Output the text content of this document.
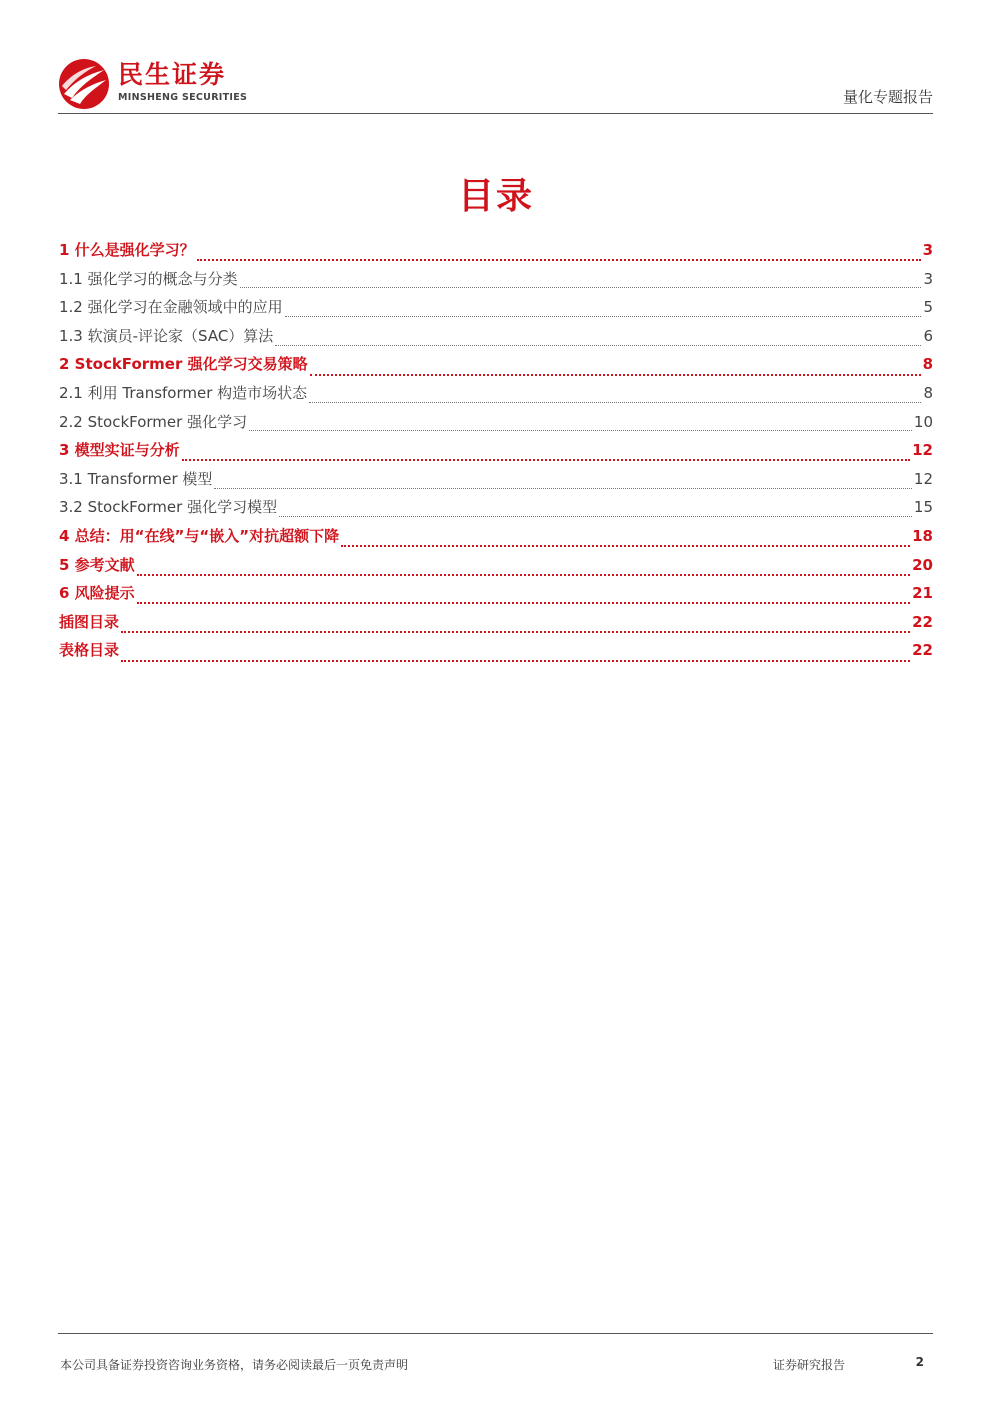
民生证券
MINSHENG SECURITIES	量化专题报告
目录
1 什么是强化学习？	3
1.1 强化学习的概念与分类	3
1.2 强化学习在金融领域中的应用	5
1.3 软演员-评论家（SAC）算法	6
2 StockFormer 强化学习交易策略	8
2.1 利用 Transformer 构造市场状态	8
2.2 StockFormer 强化学习	10
3 模型实证与分析	12
3.1 Transformer 模型	12
3.2 StockFormer 强化学习模型	15
4 总结：用“在线”与“嵌入”对抗超额下降	18
5 参考文献	20
6 风险提示	21
插图目录	22
表格目录	22
本公司具备证券投资咨询业务资格，请务必阅读最后一页免责声明	证券研究报告	2
